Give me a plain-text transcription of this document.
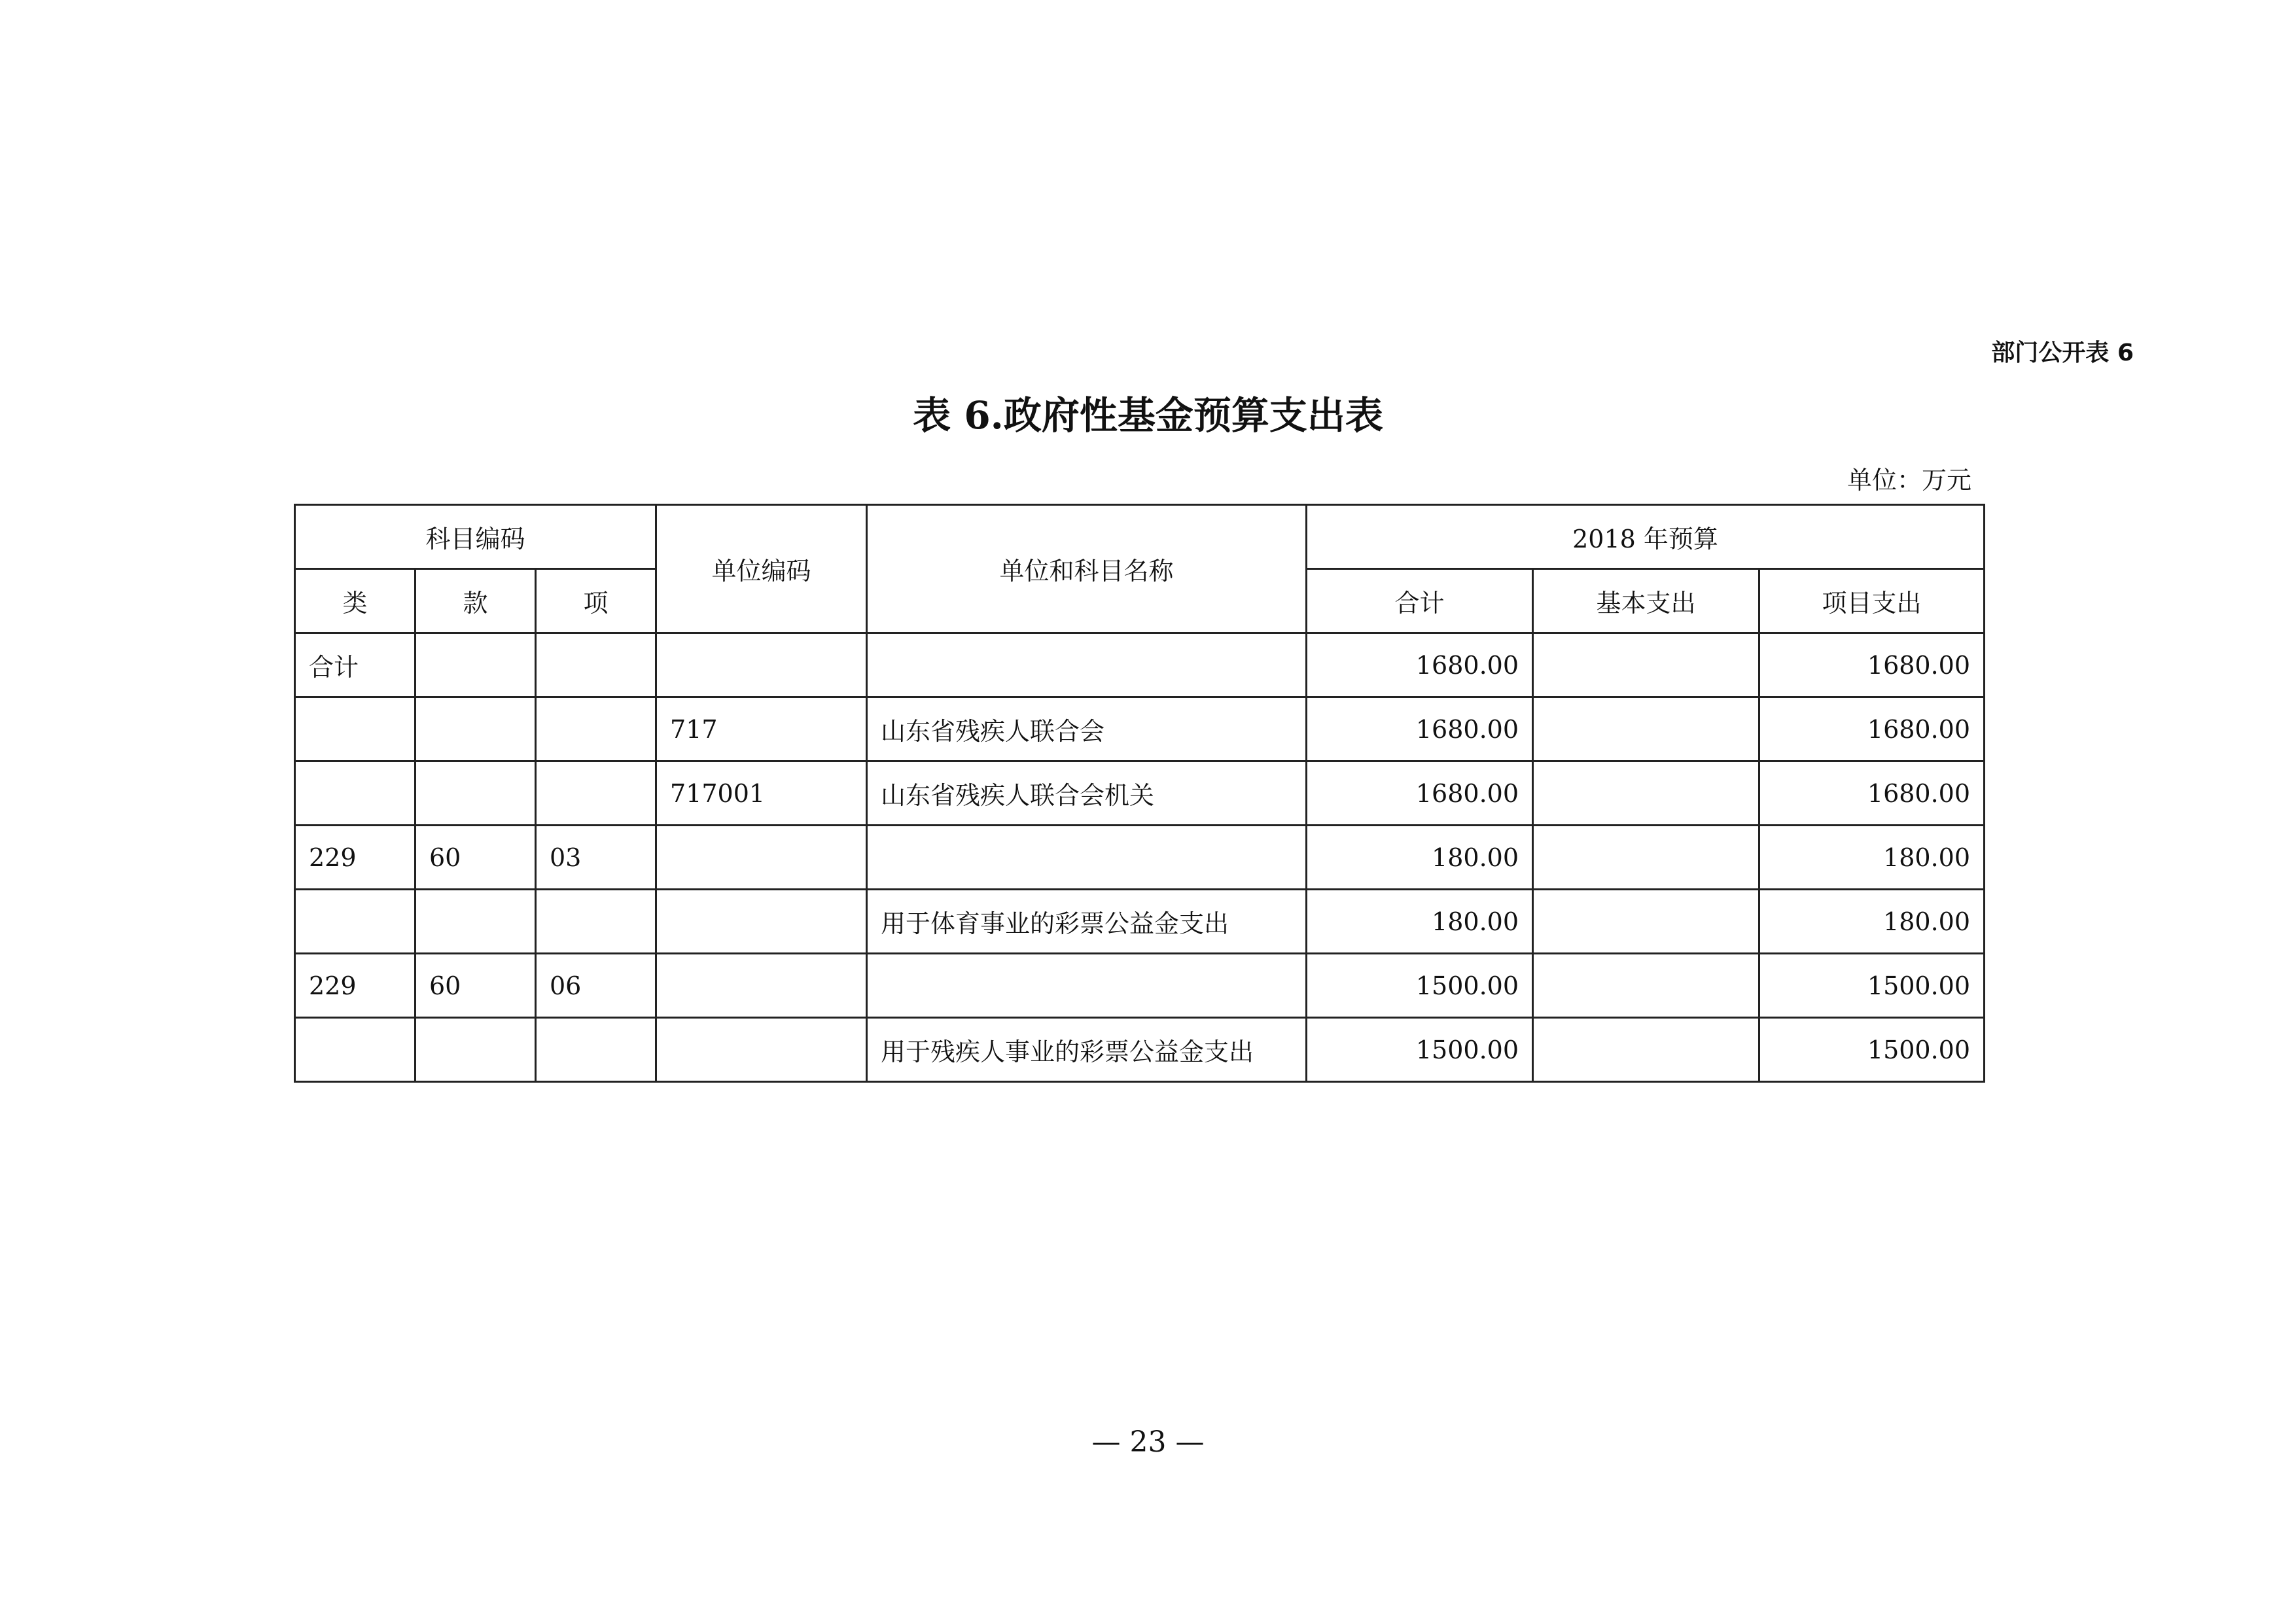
部门公开表 6
表 6.政府性基金预算支出表
单位：万元
科目编码			单位编码	单位和科目名称	2018 年预算		
类	款	项			合计	基本支出	项目支出
合计					1680.00		1680.00
			717	山东省残疾人联合会	1680.00		1680.00
			717001	山东省残疾人联合会机关	1680.00		1680.00
229	60	03			180.00		180.00
				用于体育事业的彩票公益金支出	180.00		180.00
229	60	06			1500.00		1500.00
				用于残疾人事业的彩票公益金支出	1500.00		1500.00
— 23 —
